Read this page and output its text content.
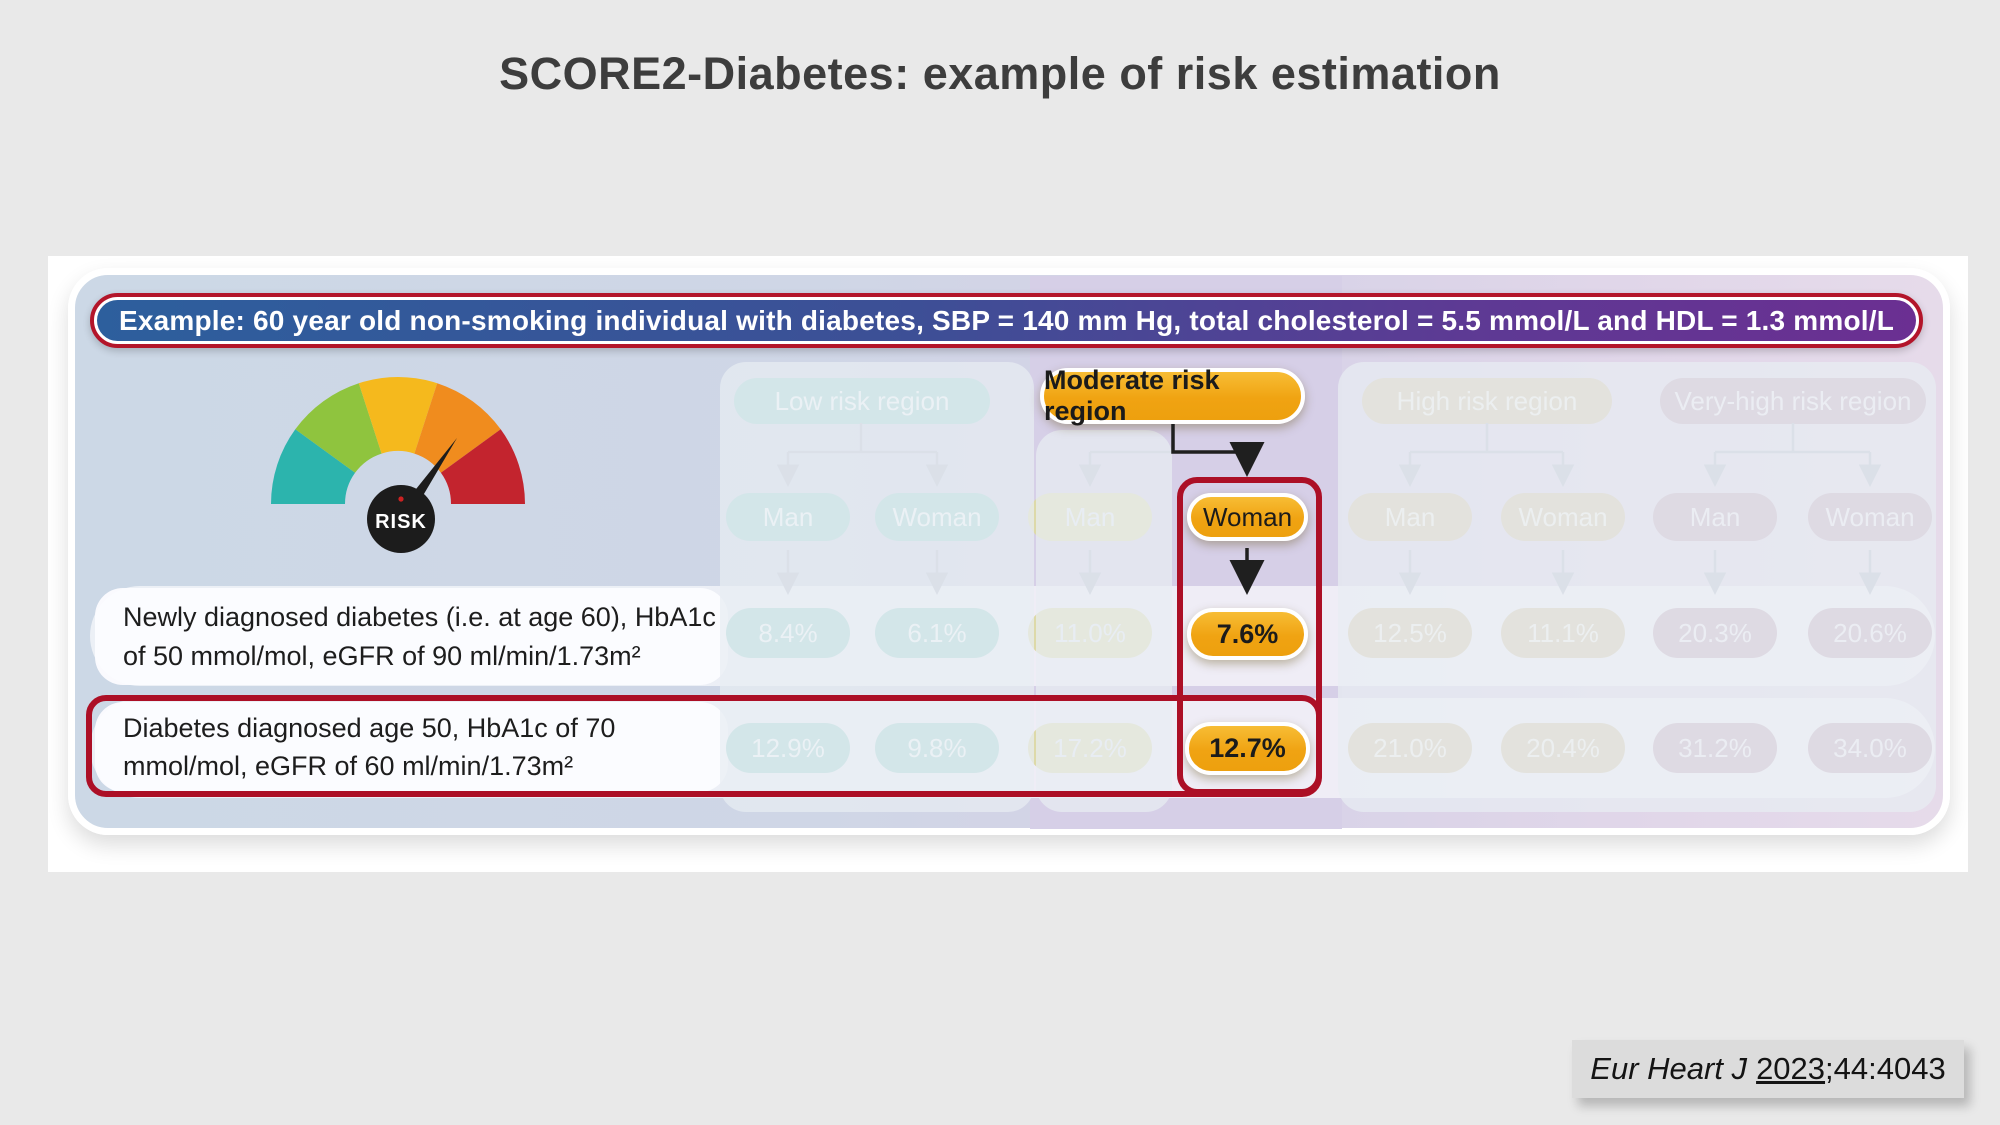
SCORE2-Diabetes: example of risk estimation
Newly diagnosed diabetes (i.e. at age 60), HbA1c
of 50 mmol/mol, eGFR of 90 ml/min/1.73m²
Diabetes diagnosed age 50, HbA1c of 70
mmol/mol, eGFR of 60 ml/min/1.73m²
Example: 60 year old non-smoking individual with diabetes, SBP = 140 mm Hg, total cholesterol = 5.5 mmol/L and HDL = 1.3 mmol/L
RISK
Moderate risk region
Woman
7.6%
12.7%
Eur Heart J 2023 ;44:4043
